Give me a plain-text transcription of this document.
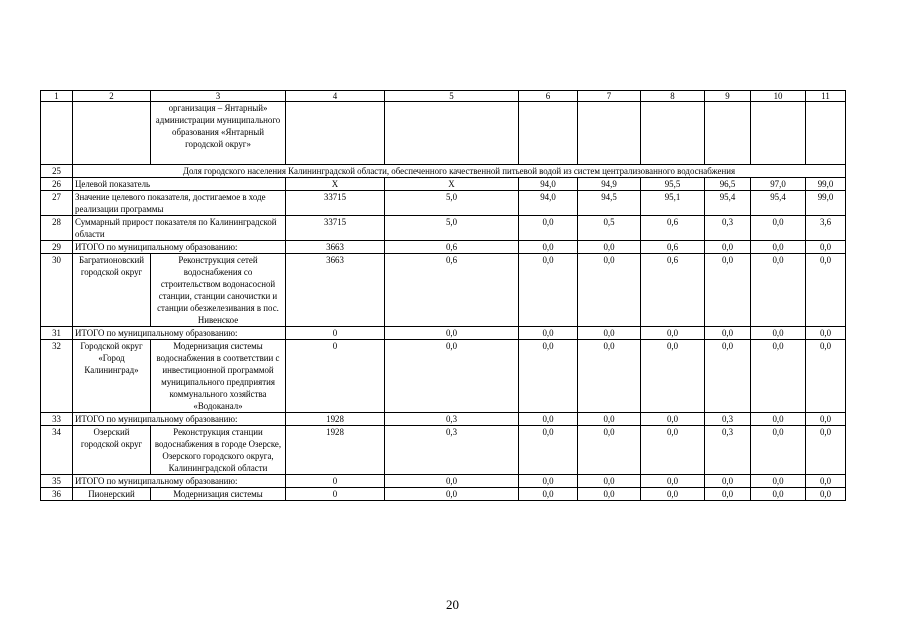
1	2	3	4	5	6	7	8	9	10	11
		организация – Янтарный» администрации муниципального образования «Янтарный городской округ»								
25	Доля городского населения Калининградской области, обеспеченного качественной питьевой водой из систем централизованного водоснабжения									
26	Целевой показатель		X	X	94,0	94,9	95,5	96,5	97,0	99,0
27	Значение целевого показателя, достигаемое в ходе реализации программы		33715	5,0	94,0	94,5	95,1	95,4	95,4	99,0
28	Суммарный прирост показателя по Калининградской области		33715	5,0	0,0	0,5	0,6	0,3	0,0	3,6
29	ИТОГО по муниципальному образованию:		3663	0,6	0,0	0,0	0,6	0,0	0,0	0,0
30	Багратионовский городской округ	Реконструкция сетей водоснабжения со строительством водонасосной станции, станции саночистки и станции обезжелезивания в пос. Нивенское	3663	0,6	0,0	0,0	0,6	0,0	0,0	0,0
31	ИТОГО по муниципальному образованию:		0	0,0	0,0	0,0	0,0	0,0	0,0	0,0
32	Городской округ «Город Калининград»	Модернизация системы водоснабжения в соответствии с инвестиционной программой муниципального предприятия коммунального хозяйства «Водоканал»	0	0,0	0,0	0,0	0,0	0,0	0,0	0,0
33	ИТОГО по муниципальному образованию:		1928	0,3	0,0	0,0	0,0	0,3	0,0	0,0
34	Озерский городской округ	Реконструкция станции водоснабжения в городе Озерске, Озерского городского округа, Калининградской области	1928	0,3	0,0	0,0	0,0	0,3	0,0	0,0
35	ИТОГО по муниципальному образованию:		0	0,0	0,0	0,0	0,0	0,0	0,0	0,0
36	Пионерский	Модернизация системы	0	0,0	0,0	0,0	0,0	0,0	0,0	0,0
20
